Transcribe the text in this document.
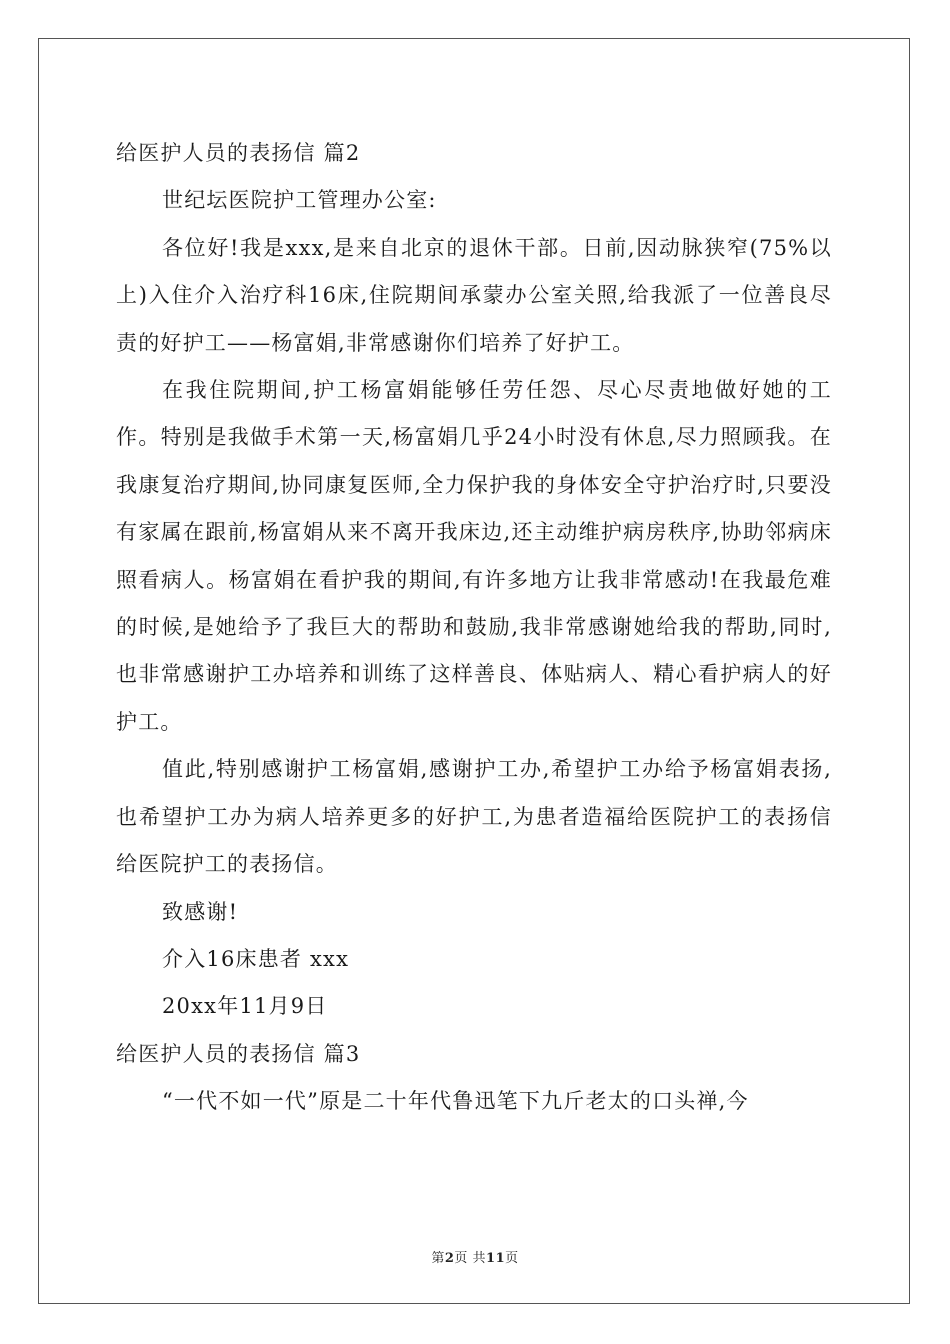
给医护人员的表扬信 篇2

世纪坛医院护工管理办公室:

各位好!我是xxx,是来自北京的退休干部。日前,因动脉狭窄(75%以上)入住介入治疗科16床,住院期间承蒙办公室关照,给我派了一位善良尽责的好护工——杨富娟,非常感谢你们培养了好护工。

在我住院期间,护工杨富娟能够任劳任怨、尽心尽责地做好她的工作。特别是我做手术第一天,杨富娟几乎24小时没有休息,尽力照顾我。在我康复治疗期间,协同康复医师,全力保护我的身体安全守护治疗时,只要没有家属在跟前,杨富娟从来不离开我床边,还主动维护病房秩序,协助邻病床照看病人。杨富娟在看护我的期间,有许多地方让我非常感动!在我最危难的时候,是她给予了我巨大的帮助和鼓励,我非常感谢她给我的帮助,同时,也非常感谢护工办培养和训练了这样善良、体贴病人、精心看护病人的好护工。

值此,特别感谢护工杨富娟,感谢护工办,希望护工办给予杨富娟表扬,也希望护工办为病人培养更多的好护工,为患者造福给医院护工的表扬信给医院护工的表扬信。

致感谢!

介入16床患者 xxx

20xx年11月9日

给医护人员的表扬信 篇3

“一代不如一代”原是二十年代鲁迅笔下九斤老太的口头禅,今

第2页 共11页
